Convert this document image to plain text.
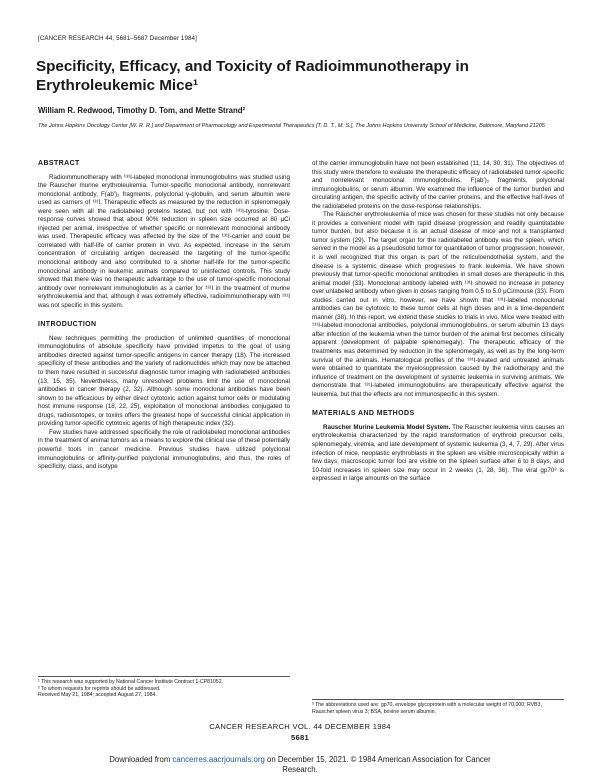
[CANCER RESEARCH 44, 5681–5687 December 1984]
Specificity, Efficacy, and Toxicity of Radioimmunotherapy in Erythroleukemic Mice¹
William R. Redwood, Timothy D. Tom, and Mette Strand²
The Johns Hopkins Oncology Center [W. R. R.] and Department of Pharmacology and Experimental Therapeutics [T. D. T., M. S.], The Johns Hopkins University School of Medicine, Baltimore, Maryland 21205
ABSTRACT

Radioimmunotherapy with ¹³¹I-labeled monoclonal immunoglobulins was studied using the Rauscher murine erythroleukemia. Tumor-specific monoclonal antibody, nonrelevant monoclonal antibody, F(ab′)₂ fragments, polyclonal γ-globulin, and serum albumin were used as carriers of ¹³¹I. Therapeutic effects as measured by the reduction in splenomegaly were seen with all the radiolabeled proteins tested, but not with ¹³¹I-tyrosine. Dose-response curves showed that about 90% reduction in spleen size occurred at 80 μCi injected per animal, irrespective of whether specific or nonrelevant monoclonal antibody was used. Therapeutic efficacy was affected by the size of the ¹³¹I-carrier and could be correlated with half-life of carrier protein in vivo. As expected, increase in the serum concentration of circulating antigen decreased the targeting of the tumor-specific monoclonal antibody and also contributed to a shorter half-life for the tumor-specific monoclonal antibody in leukemic animals compared to uninfected controls. This study showed that there was no therapeutic advantage to the use of tumor-specific monoclonal antibody over nonrelevant immunoglobulin as a carrier for ¹³¹I in the treatment of murine erythroleukemia and that, although it was extremely effective, radioimmunotherapy with ¹³¹I was not specific in this system.

INTRODUCTION

New techniques permitting the production of unlimited quantities of monoclonal immunoglobulins of absolute specificity have provided impetus to the goal of using antibodies directed against tumor-specific antigens in cancer therapy (18). The increased specificity of these antibodies and the variety of radionuclides which may now be attached to them have resulted in successful diagnostic tumor imaging with radiolabeled antibodies (13, 15, 35). Nevertheless, many unresolved problems limit the use of monoclonal antibodies in cancer therapy (2, 32). Although some monoclonal antibodies have been shown to be efficacious by either direct cytotoxic action against tumor cells or modulating host immune response (18, 22, 25), exploitation of monoclonal antibodies conjugated to drugs, radioisotopes, or toxins offers the greatest hope of successful clinical application in providing tumor-specific cytotoxic agents of high therapeutic index (32).

Few studies have addressed specifically the role of radiolabeled monoclonal antibodies in the treatment of animal tumors as a means to explore the clinical use of these potentially powerful tools in cancer medicine. Previous studies have utilized polyclonal immunoglobulins or affinity-purified polyclonal immunoglobulins, and thus, the roles of specificity, class, and isotype

of the carrier immunoglobulin have not been established (11, 14, 30, 31). The objectives of this study were therefore to evaluate the therapeutic efficacy of radiolabeled tumor-specific and nonrelevant monoclonal immunoglobulins, F(ab′)₂ fragments, polyclonal immunoglobulins, or serum albumin. We examined the influence of the tumor burden and circulating antigen, the specific activity of the carrier proteins, and the effective half-lives of the radiolabeled proteins on the dose-response relationships.

The Rauscher erythroleukemia of mice was chosen for these studies not only because it provides a convenient model with rapid disease progression and readily quantitatable tumor burden, but also because it is an actual disease of mice and not a transplanted tumor system (29). The target organ for the radiolabeled antibody was the spleen, which served in the model as a pseudosolid tumor for quantitation of tumor progression; however, it is well recognized that this organ is part of the reticuloendothelial system, and the disease is a systemic disease which progresses to frank leukemia. We have shown previously that tumor-specific monoclonal antibodies in small doses are therapeutic in this animal model (33). Monoclonal antibody labeled with ¹³¹I showed no increase in potency over unlabeled antibody when given in doses ranging from 0.5 to 5.0 μCi/mouse (33). From studies carried out in vitro, however, we have shown that ¹³¹I-labeled monoclonal antibodies can be cytotoxic to these tumor cells at high doses and in a time-dependent manner (38). In this report, we extend these studies to trials in vivo. Mice were treated with ¹³¹I-labeled monoclonal antibodies, polyclonal immunoglobulins, or serum albumin 13 days after infection of the leukemia when the tumor burden of the animal first becomes clinically apparent (development of palpable splenomegaly). The therapeutic efficacy of the treatments was determined by reduction in the splenomegaly, as well as by the long-term survival of the animals. Hematological profiles of the ¹³¹I-treated and untreated animals were obtained to quantitate the myelosuppression caused by the radiotherapy and the influence of treatment on the development of systemic leukemia in surviving animals. We demonstrate that ¹³¹I-labeled immunoglobulins are therapeutically effective against the leukemia, but that the effects are not immunospecific in this system.

MATERIALS AND METHODS

Rauscher Murine Leukemia Model System. The Rauscher leukemia virus causes an erythroleukemia characterized by the rapid transformation of erythroid precursor cells, splenomegaly, viremia, and late development of systemic leukemia (3, 4, 7, 29). After virus infection of mice, neoplastic erythroblasts in the spleen are visible microscopically within a few days; macroscopic tumor foci are visible on the spleen surface after 6 to 8 days, and 10-fold increases in spleen size may occur in 2 weeks (1, 28, 36). The viral gp70³ is expressed in large amounts on the surface

¹ This research was supported by National Cancer Institute Contract 1-CP81052.

² To whom requests for reprints should be addressed.

Received May 21, 1984; accepted August 27, 1984.

³ The abbreviations used are: gp70, envelope glycoprotein with a molecular weight of 70,000; RVB3, Rauscher spleen virus 3; BSA, bovine serum albumin.

CANCER RESEARCH VOL. 44 DECEMBER 1984
5681
Downloaded from cancerres.aacrjournals.org on December 15, 2021. © 1984 American Association for Cancer
Research.
